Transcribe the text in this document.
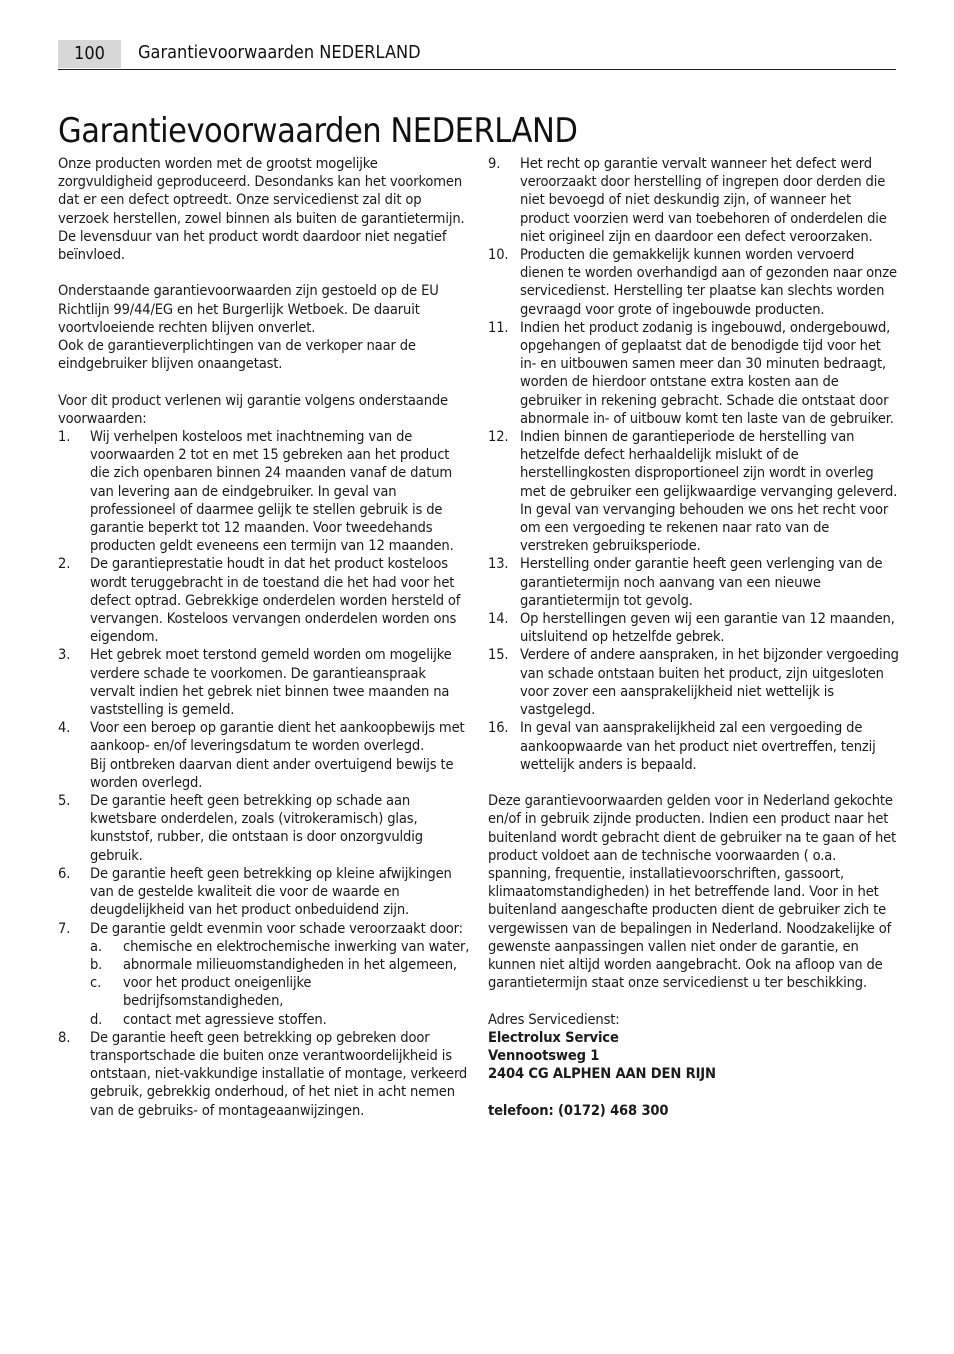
100	Garantievoorwaarden NEDERLAND
Garantievoorwaarden NEDERLAND

Onze producten worden met de grootst mogelijke zorgvuldigheid geproduceerd. Desondanks kan het voorkomen dat er een defect optreedt. Onze servicedienst zal dit op verzoek herstellen, zowel binnen als buiten de garantietermijn. De levensduur van het product wordt daardoor niet negatief beïnvloed.

Onderstaande garantievoorwaarden zijn gestoeld op de EU Richtlijn 99/44/EG en het Burgerlijk Wetboek. De daaruit voortvloeiende rechten blijven onverlet.

Ook de garantieverplichtingen van de verkoper naar de eindgebruiker blijven onaangetast.

Voor dit product verlenen wij garantie volgens onderstaande voorwaarden:

1. Wij verhelpen kosteloos met inachtneming van de voorwaarden 2 tot en met 15 gebreken aan het product die zich openbaren binnen 24 maanden vanaf de datum van levering aan de eindgebruiker. In geval van professioneel of daarmee gelijk te stellen gebruik is de garantie beperkt tot 12 maanden. Voor tweedehands producten geldt eveneens een termijn van 12 maanden.

2. De garantieprestatie houdt in dat het product kosteloos wordt teruggebracht in de toestand die het had voor het defect optrad. Gebrekkige onderdelen worden hersteld of vervangen. Kosteloos vervangen onderdelen worden ons eigendom.

3. Het gebrek moet terstond gemeld worden om mogelijke verdere schade te voorkomen. De garantieanspraak vervalt indien het gebrek niet binnen twee maanden na vaststelling is gemeld.

4. Voor een beroep op garantie dient het aankoopbewijs met aankoop- en/of leveringsdatum te worden overlegd.

Bij ontbreken daarvan dient ander overtuigend bewijs te worden overlegd.

5. De garantie heeft geen betrekking op schade aan kwetsbare onderdelen, zoals (vitrokeramisch) glas, kunststof, rubber, die ontstaan is door onzorgvuldig gebruik.

6. De garantie heeft geen betrekking op kleine afwijkingen van de gestelde kwaliteit die voor de waarde en deugdelijkheid van het product onbeduidend zijn.

7. De garantie geldt evenmin voor schade veroorzaakt door:

a. chemische en elektrochemische inwerking van water,

b. abnormale milieuomstandigheden in het algemeen,

c. voor het product oneigenlijke bedrijfsomstandigheden,

d. contact met agressieve stoffen.

8. De garantie heeft geen betrekking op gebreken door transportschade die buiten onze verantwoordelijkheid is ontstaan, niet-vakkundige installatie of montage, verkeerd gebruik, gebrekkig onderhoud, of het niet in acht nemen van de gebruiks- of montageaanwijzingen.

9. Het recht op garantie vervalt wanneer het defect werd veroorzaakt door herstelling of ingrepen door derden die niet bevoegd of niet deskundig zijn, of wanneer het product voorzien werd van toebehoren of onderdelen die niet origineel zijn en daardoor een defect veroorzaken.

10. Producten die gemakkelijk kunnen worden vervoerd dienen te worden overhandigd aan of gezonden naar onze servicedienst. Herstelling ter plaatse kan slechts worden gevraagd voor grote of ingebouwde producten.

11. Indien het product zodanig is ingebouwd, ondergebouwd, opgehangen of geplaatst dat de benodigde tijd voor het in- en uitbouwen samen meer dan 30 minuten bedraagt, worden de hierdoor ontstane extra kosten aan de gebruiker in rekening gebracht. Schade die ontstaat door abnormale in- of uitbouw komt ten laste van de gebruiker.

12. Indien binnen de garantieperiode de herstelling van hetzelfde defect herhaaldelijk mislukt of de herstellingkosten disproportioneel zijn wordt in overleg met de gebruiker een gelijkwaardige vervanging geleverd. In geval van vervanging behouden we ons het recht voor om een vergoeding te rekenen naar rato van de verstreken gebruiksperiode.

13. Herstelling onder garantie heeft geen verlenging van de garantietermijn noch aanvang van een nieuwe garantietermijn tot gevolg.

14. Op herstellingen geven wij een garantie van 12 maanden, uitsluitend op hetzelfde gebrek.

15. Verdere of andere aanspraken, in het bijzonder vergoeding van schade ontstaan buiten het product, zijn uitgesloten voor zover een aansprakelijkheid niet wettelijk is vastgelegd.

16. In geval van aansprakelijkheid zal een vergoeding de aankoopwaarde van het product niet overtreffen, tenzij wettelijk anders is bepaald.

Deze garantievoorwaarden gelden voor in Nederland gekochte en/of in gebruik zijnde producten. Indien een product naar het buitenland wordt gebracht dient de gebruiker na te gaan of het product voldoet aan de technische voorwaarden ( o.a. spanning, frequentie, installatievoorschriften, gassoort, klimaatomstandigheden) in het betreffende land. Voor in het buitenland aangeschafte producten dient de gebruiker zich te vergewissen van de bepalingen in Nederland. Noodzakelijke of gewenste aanpassingen vallen niet onder de garantie, en kunnen niet altijd worden aangebracht. Ook na afloop van de garantietermijn staat onze servicedienst u ter beschikking.

Adres Servicedienst:

Electrolux Service

Vennootsweg 1

2404 CG ALPHEN AAN DEN RIJN

telefoon: (0172) 468 300
